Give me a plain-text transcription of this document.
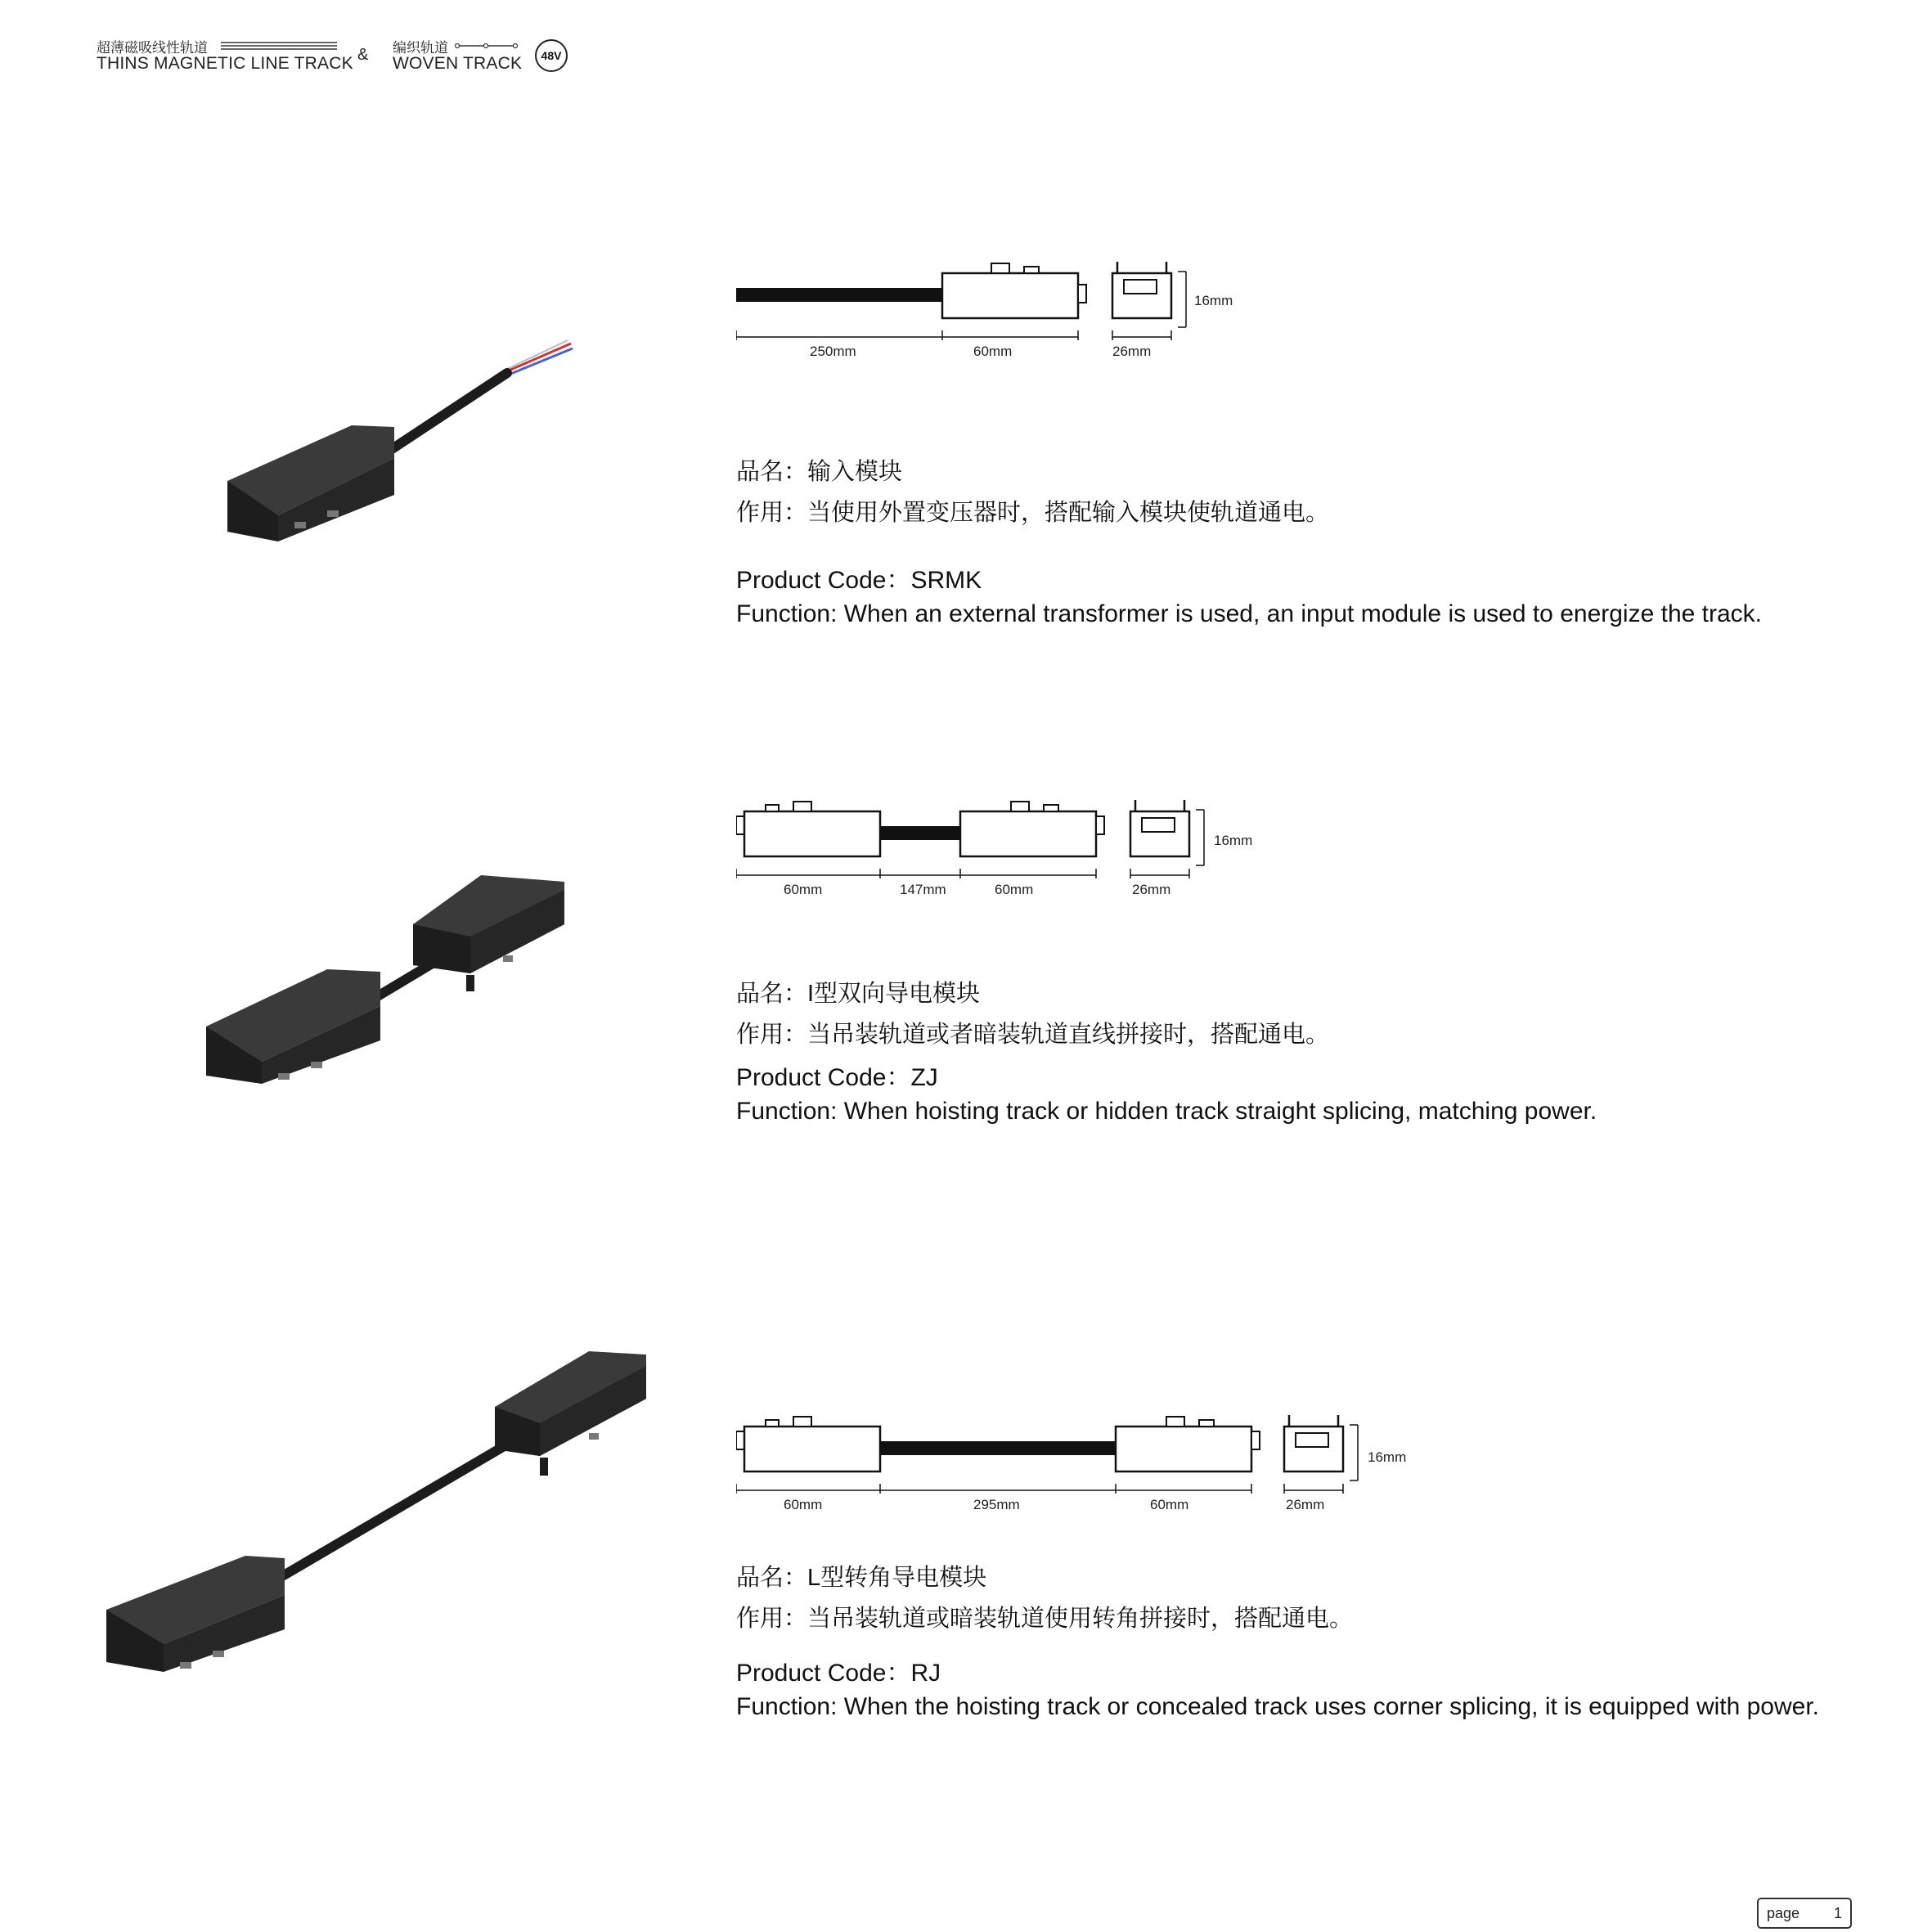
超薄磁吸线性轨道
THINS MAGNETIC LINE TRACK & 编织轨道
WOVEN TRACK	48V
250mm	60mm	26mm
16mm
品名：输入模块
作用：当使用外置变压器时，搭配输入模块使轨道通电。
Product Code：SRMK
Function: When an external transformer is used, an input module is used to energize the track.
60mm	147mm	60mm	26mm
16mm
品名：I型双向导电模块
作用：当吊装轨道或者暗装轨道直线拼接时，搭配通电。
Product Code：ZJ
Function: When hoisting track or hidden track straight splicing, matching power.
60mm	295mm	60mm	26mm
16mm
品名：L型转角导电模块
作用：当吊装轨道或暗装轨道使用转角拼接时，搭配通电。
Product Code：RJ
Function: When the hoisting track or concealed track uses corner splicing, it is equipped with power.
page 1
